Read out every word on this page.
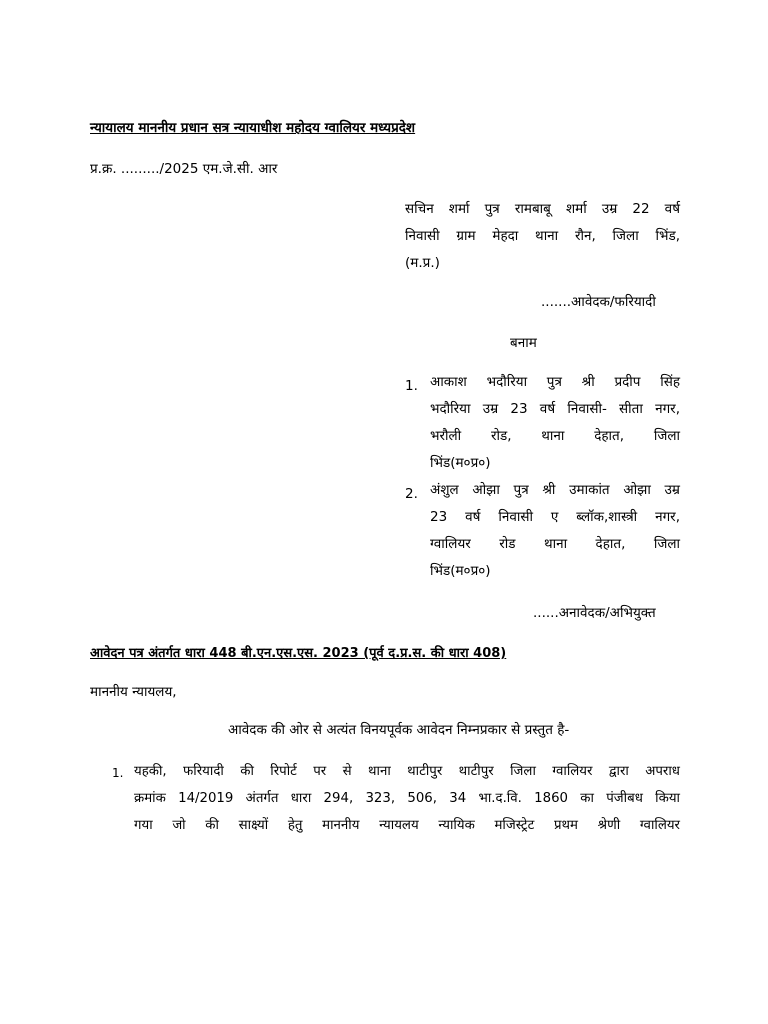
न्यायालय माननीय प्रधान सत्र न्यायाधीश महोदय ग्वालियर मध्यप्रदेश
प्र.क्र. ........./2025 एम.जे.सी. आर
सचिन शर्मा पुत्र रामबाबू शर्मा उम्र 22 वर्ष
निवासी ग्राम मेहदा थाना रौन, जिला भिंड,
(म.प्र.)
.......आवेदक/फरियादी
बनाम
1. आकाश भदौरिया पुत्र श्री प्रदीप सिंह
भदौरिया उम्र 23 वर्ष निवासी- सीता नगर,
भरौली रोड, थाना देहात, जिला
भिंड(म०प्र०)
2. अंशुल ओझा पुत्र श्री उमाकांत ओझा उम्र
23 वर्ष निवासी ए ब्लॉक,शास्त्री नगर,
ग्वालियर रोड थाना देहात, जिला
भिंड(म०प्र०)
......अनावेदक/अभियुक्त
आवेदन पत्र अंतर्गत धारा 448 बी.एन.एस.एस. 2023 (पूर्व द.प्र.स. की धारा 408)
माननीय न्यायलय,
आवेदक की ओर से अत्यंत विनयपूर्वक आवेदन निम्नप्रकार से प्रस्तुत है-
1. यहकी, फरियादी की रिपोर्ट पर से थाना थाटीपुर थाटीपुर जिला ग्वालियर द्वारा अपराध
क्रमांक 14/2019 अंतर्गत धारा 294, 323, 506, 34 भा.द.वि. 1860 का पंजीबध किया
गया जो की साक्ष्यों हेतु माननीय न्यायलय न्यायिक मजिस्ट्रेट प्रथम श्रेणी ग्वालियर
